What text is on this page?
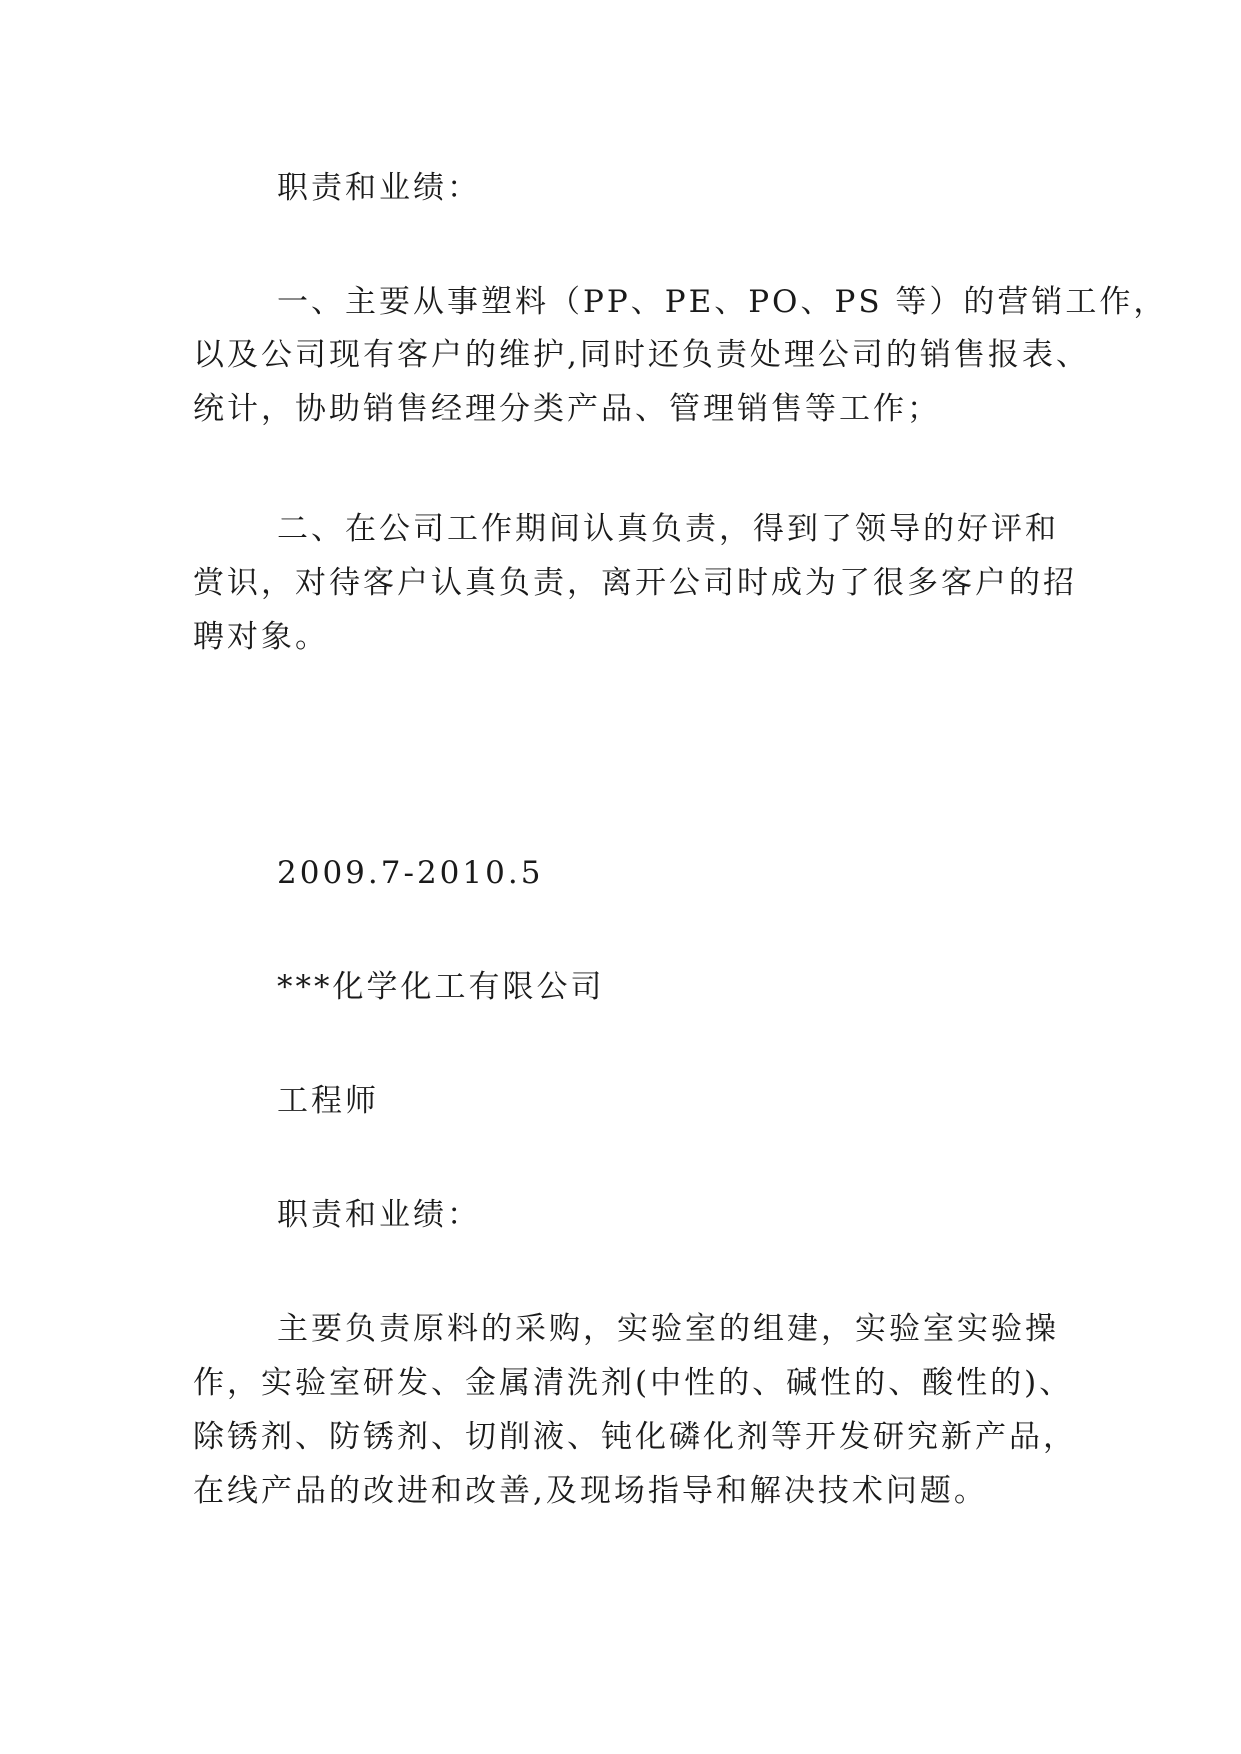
职责和业绩：
一、主要从事塑料（PP、PE、PO、PS 等）的营销工作，
以及公司现有客户的维护,同时还负责处理公司的销售报表、
统计，协助销售经理分类产品、管理销售等工作；
二、在公司工作期间认真负责，得到了领导的好评和
赏识，对待客户认真负责，离开公司时成为了很多客户的招
聘对象。
2009.7-2010.5
***化学化工有限公司
工程师
职责和业绩：
主要负责原料的采购，实验室的组建，实验室实验操
作，实验室研发、金属清洗剂(中性的、碱性的、酸性的)、
除锈剂、防锈剂、切削液、钝化磷化剂等开发研究新产品，
在线产品的改进和改善,及现场指导和解决技术问题。
